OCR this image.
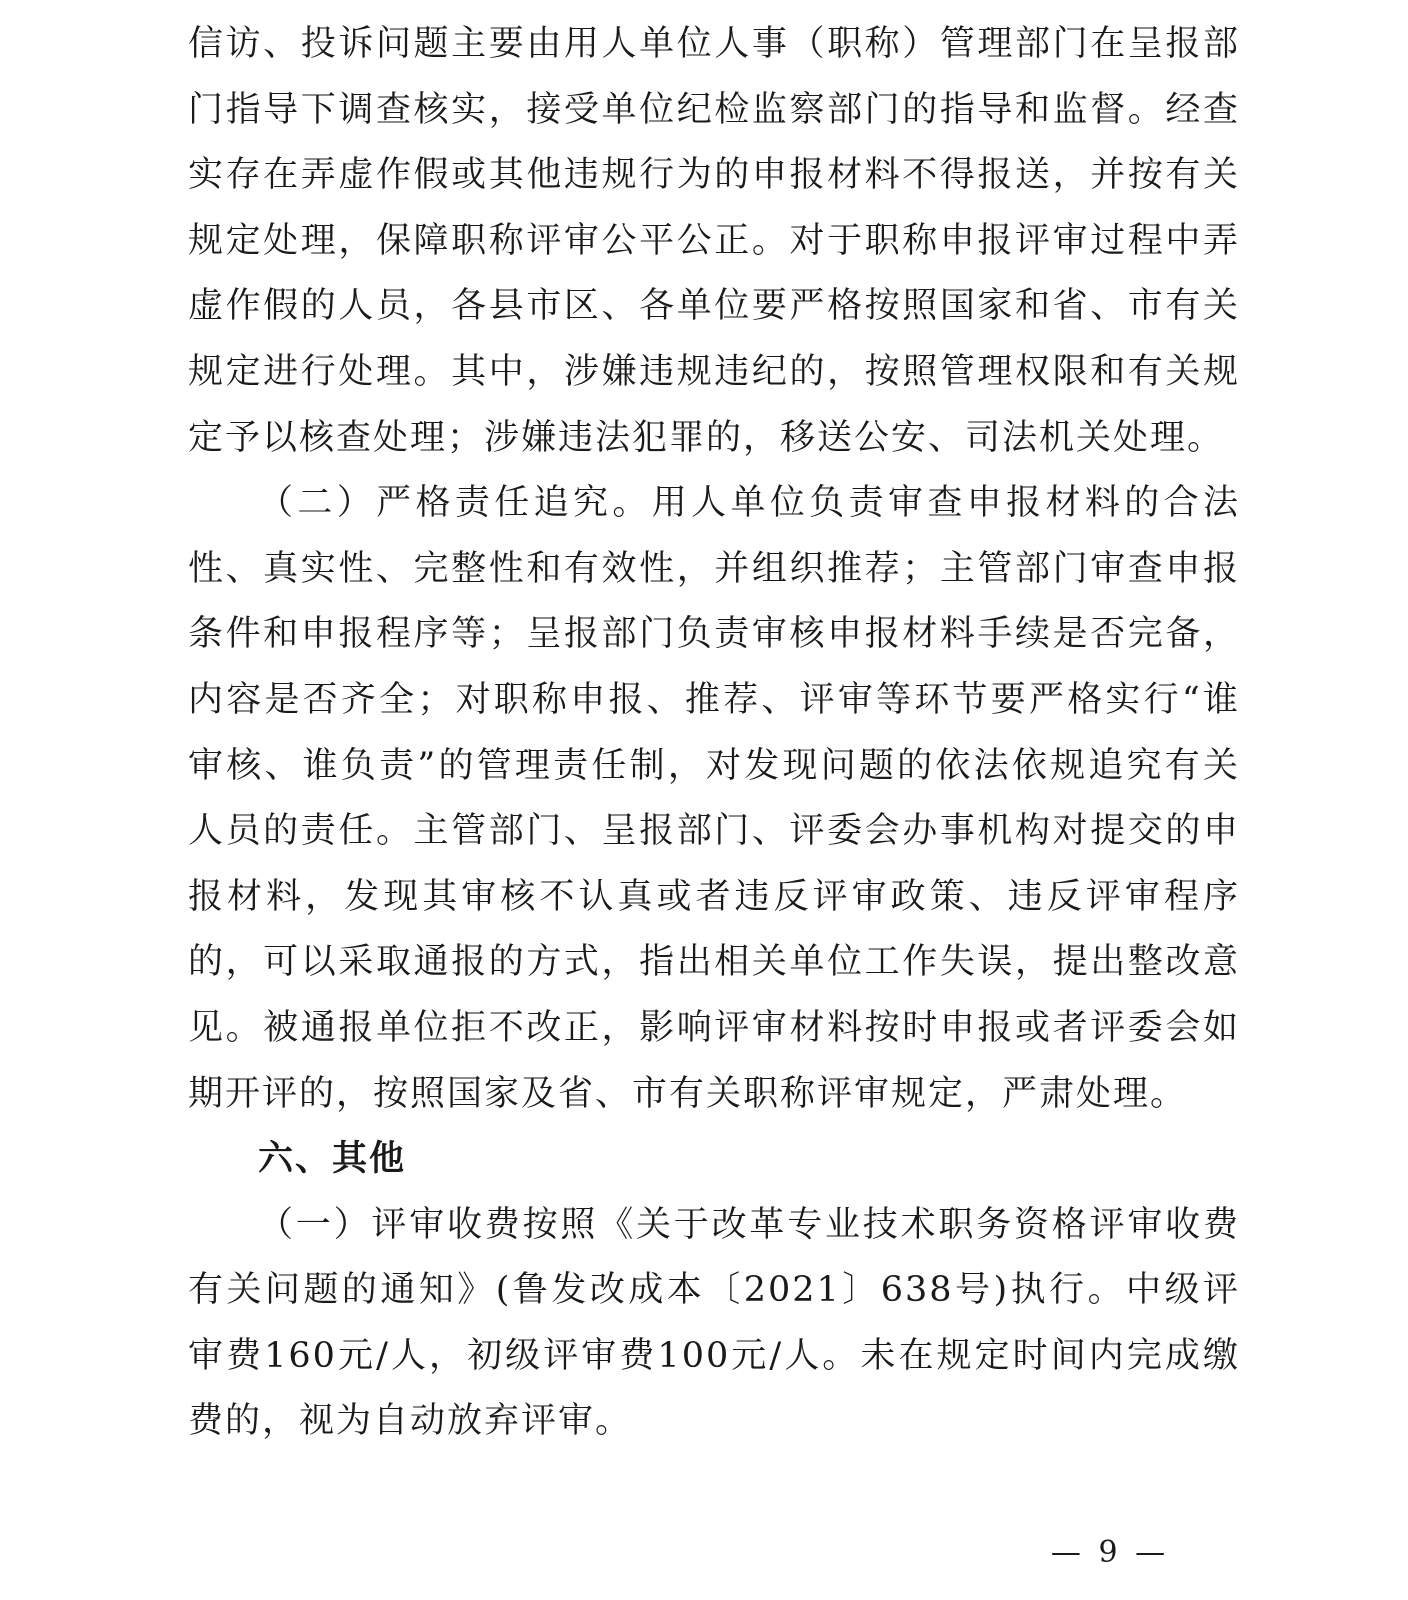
信访、投诉问题主要由用人单位人事（职称）管理部门在呈报部门指导下调查核实，接受单位纪检监察部门的指导和监督。经查实存在弄虚作假或其他违规行为的申报材料不得报送，并按有关规定处理，保障职称评审公平公正。对于职称申报评审过程中弄虚作假的人员，各县市区、各单位要严格按照国家和省、市有关规定进行处理。其中，涉嫌违规违纪的，按照管理权限和有关规定予以核查处理；涉嫌违法犯罪的，移送公安、司法机关处理。

（二）严格责任追究。用人单位负责审查申报材料的合法性、真实性、完整性和有效性，并组织推荐；主管部门审查申报条件和申报程序等；呈报部门负责审核申报材料手续是否完备，内容是否齐全；对职称申报、推荐、评审等环节要严格实行“谁审核、谁负责”的管理责任制，对发现问题的依法依规追究有关人员的责任。主管部门、呈报部门、评委会办事机构对提交的申报材料，发现其审核不认真或者违反评审政策、违反评审程序的，可以采取通报的方式，指出相关单位工作失误，提出整改意见。被通报单位拒不改正，影响评审材料按时申报或者评委会如期开评的，按照国家及省、市有关职称评审规定，严肃处理。

六、其他

（一）评审收费按照《关于改革专业技术职务资格评审收费有关问题的通知》(鲁发改成本〔2021〕638号)执行。中级评审费160元/人，初级评审费100元/人。未在规定时间内完成缴费的，视为自动放弃评审。

— 9 —
